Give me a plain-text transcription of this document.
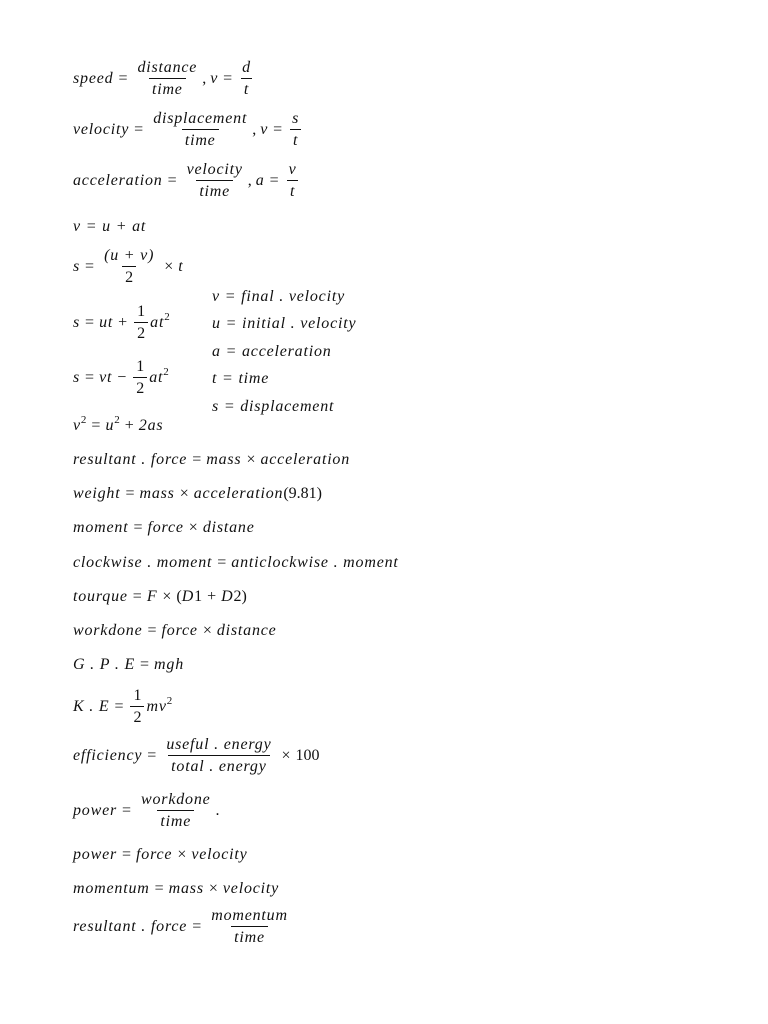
speed = $\frac{\text{distance}}{\text{time}}$ , $v = \frac{d}{t}$
velocity = $\frac{\text{displacement}}{\text{time}}$ , $v = \frac{s}{t}$
acceleration = $\frac{\text{velocity}}{\text{time}}$ , $a = \frac{v}{t}$
v = u + at
$s = \frac{(u + v)}{2} \times t$
s = ut + $\frac{1}{2} at^2$
s = vt − $\frac{1}{2} at^2$
$v^2 = u^2 + 2as$
v = final . velocity
u = initial . velocity
a = acceleration
t = time
s = displacement
resultant . force = mass × acceleration
weight = mass × acceleration (9.81)
moment = force × distane
clockwise . moment = anticlockwise . moment
tourque = F × ( D 1 + D 2 )
workdone = force × distance
G . P . E = mgh
K . $E = \frac{1}{2} mv^2$
efficiency = $\frac{\text{useful . energy}}{\text{total . energy}} \times 100$
power = $\frac{\text{workdone}}{\text{time}}$ .
power = force × velocity
momentum = mass × velocity
resultant . force = $\frac{\text{momentum}}{\text{time}}$
